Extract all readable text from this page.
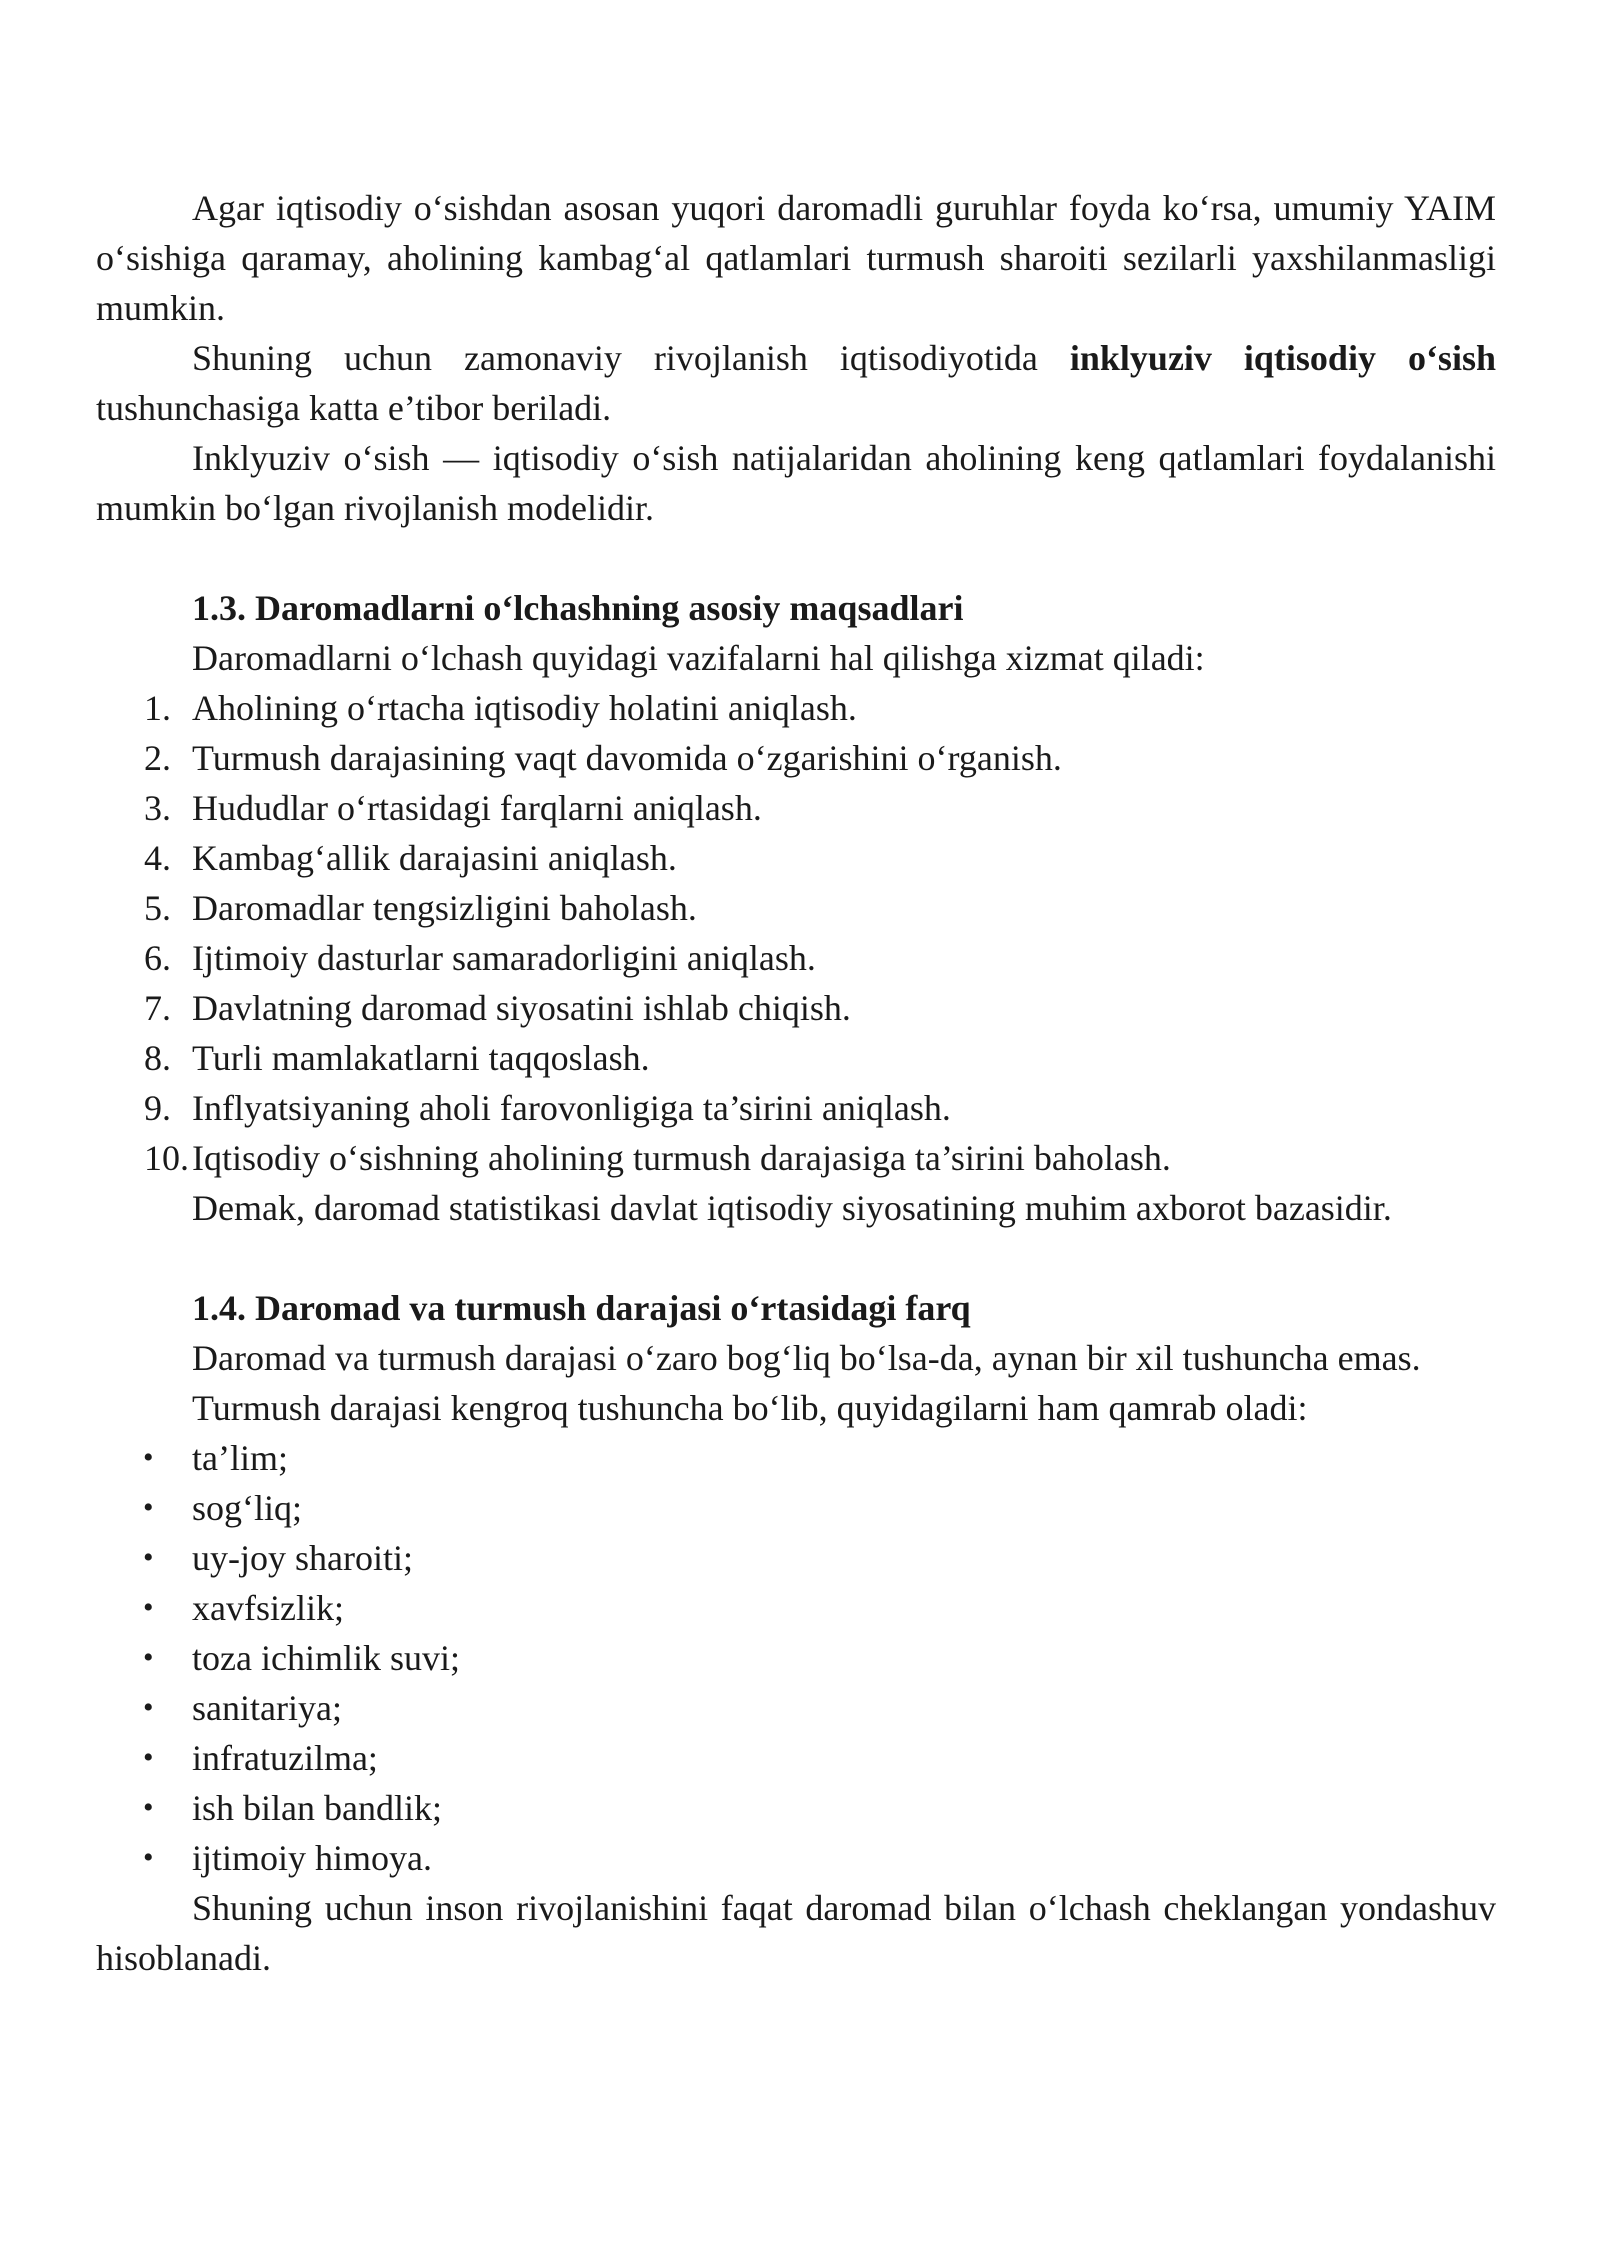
Agar iqtisodiy o‘sishdan asosan yuqori daromadli guruhlar foyda ko‘rsa, umumiy YAIM o‘sishiga qaramay, aholining kambag‘al qatlamlari turmush sharoiti sezilarli yaxshilanmasligi mumkin.

Shuning uchun zamonaviy rivojlanish iqtisodiyotida inklyuziv iqtisodiy o‘sish tushunchasiga katta e’tibor beriladi.

Inklyuziv o‘sish — iqtisodiy o‘sish natijalaridan aholining keng qatlamlari foydalanishi mumkin bo‘lgan rivojlanish modelidir.

1.3. Daromadlarni o‘lchashning asosiy maqsadlari

Daromadlarni o‘lchash quyidagi vazifalarni hal qilishga xizmat qiladi:

1. Aholining o‘rtacha iqtisodiy holatini aniqlash.
2. Turmush darajasining vaqt davomida o‘zgarishini o‘rganish.
3. Hududlar o‘rtasidagi farqlarni aniqlash.
4. Kambag‘allik darajasini aniqlash.
5. Daromadlar tengsizligini baholash.
6. Ijtimoiy dasturlar samaradorligini aniqlash.
7. Davlatning daromad siyosatini ishlab chiqish.
8. Turli mamlakatlarni taqqoslash.
9. Inflyatsiyaning aholi farovonligiga ta’sirini aniqlash.
10. Iqtisodiy o‘sishning aholining turmush darajasiga ta’sirini baholash.

Demak, daromad statistikasi davlat iqtisodiy siyosatining muhim axborot bazasidir.

1.4. Daromad va turmush darajasi o‘rtasidagi farq

Daromad va turmush darajasi o‘zaro bog‘liq bo‘lsa-da, aynan bir xil tushuncha emas.

Turmush darajasi kengroq tushuncha bo‘lib, quyidagilarni ham qamrab oladi:

• ta’lim;
• sog‘liq;
• uy-joy sharoiti;
• xavfsizlik;
• toza ichimlik suvi;
• sanitariya;
• infratuzilma;
• ish bilan bandlik;
• ijtimoiy himoya.

Shuning uchun inson rivojlanishini faqat daromad bilan o‘lchash cheklangan yondashuv hisoblanadi.
